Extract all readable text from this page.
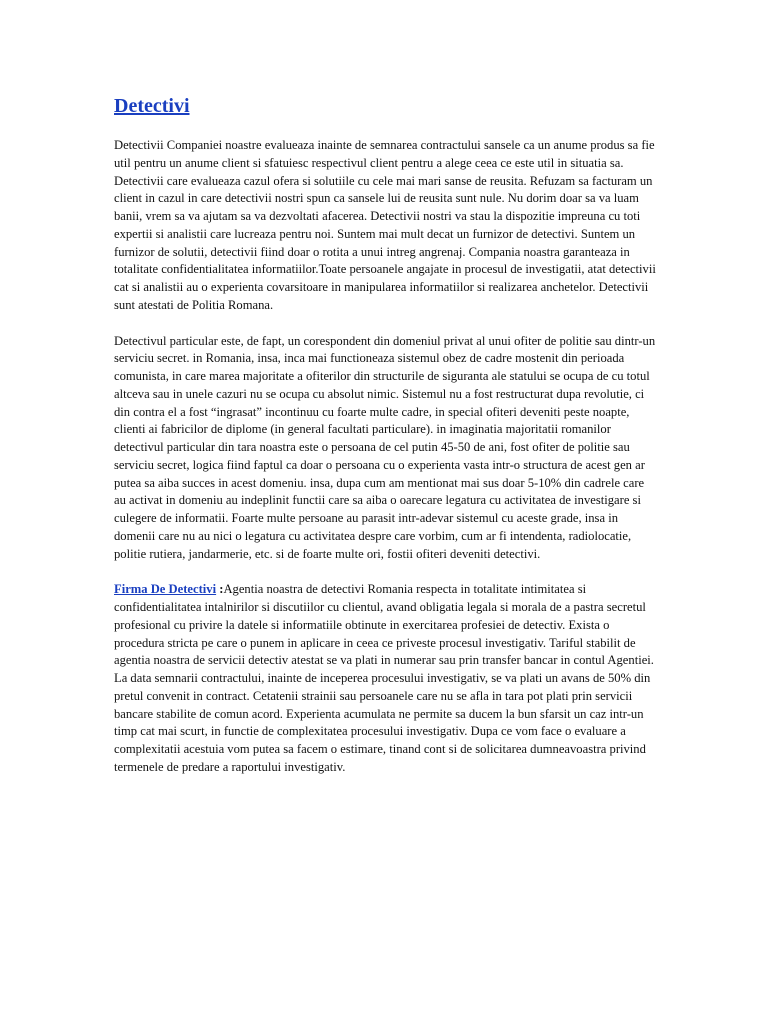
Detectivi

Detectivii Companiei noastre evalueaza inainte de semnarea contractului sansele ca un anume produs sa fie util pentru un anume client si sfatuiesc respectivul client pentru a alege ceea ce este util in situatia sa. Detectivii care evalueaza cazul ofera si solutiile cu cele mai mari sanse de reusita. Refuzam sa facturam un client in cazul in care detectivii nostri spun ca sansele lui de reusita sunt nule. Nu dorim doar sa va luam banii, vrem sa va ajutam sa va dezvoltati afacerea. Detectivii nostri va stau la dispozitie impreuna cu toti expertii si analistii care lucreaza pentru noi. Suntem mai mult decat un furnizor de detectivi. Suntem un furnizor de solutii, detectivii fiind doar o rotita a unui intreg angrenaj. Compania noastra garanteaza in totalitate confidentialitatea informatiilor.Toate persoanele angajate in procesul de investigatii, atat detectivii cat si analistii au o experienta covarsitoare in manipularea informatiilor si realizarea anchetelor. Detectivii sunt atestati de Politia Romana.

Detectivul particular este, de fapt, un corespondent din domeniul privat al unui ofiter de politie sau dintr-un serviciu secret. in Romania, insa, inca mai functioneaza sistemul obez de cadre mostenit din perioada comunista, in care marea majoritate a ofiterilor din structurile de siguranta ale statului se ocupa de cu totul altceva sau in unele cazuri nu se ocupa cu absolut nimic. Sistemul nu a fost restructurat dupa revolutie, ci din contra el a fost “ingrasat” incontinuu cu foarte multe cadre, in special ofiteri deveniti peste noapte, clienti ai fabricilor de diplome (in general facultati particulare). in imaginatia majoritatii romanilor detectivul particular din tara noastra este o persoana de cel putin 45-50 de ani, fost ofiter de politie sau serviciu secret, logica fiind faptul ca doar o persoana cu o experienta vasta intr-o structura de acest gen ar putea sa aiba succes in acest domeniu. insa, dupa cum am mentionat mai sus doar 5-10% din cadrele care au activat in domeniu au indeplinit functii care sa aiba o oarecare legatura cu activitatea de investigare si culegere de informatii. Foarte multe persoane au parasit intr-adevar sistemul cu aceste grade, insa in domenii care nu au nici o legatura cu activitatea despre care vorbim, cum ar fi intendenta, radiolocatie, politie rutiera, jandarmerie, etc. si de foarte multe ori, fostii ofiteri deveniti detectivi.

Firma De Detectivi :Agentia noastra de detectivi Romania respecta in totalitate intimitatea si confidentialitatea intalnirilor si discutiilor cu clientul, avand obligatia legala si morala de a pastra secretul profesional cu privire la datele si informatiile obtinute in exercitarea profesiei de detectiv. Exista o procedura stricta pe care o punem in aplicare in ceea ce priveste procesul investigativ. Tariful stabilit de agentia noastra de servicii detectiv atestat se va plati in numerar sau prin transfer bancar in contul Agentiei. La data semnarii contractului, inainte de inceperea procesului investigativ, se va plati un avans de 50% din pretul convenit in contract. Cetatenii strainii sau persoanele care nu se afla in tara pot plati prin servicii bancare stabilite de comun acord. Experienta acumulata ne permite sa ducem la bun sfarsit un caz intr-un timp cat mai scurt, in functie de complexitatea procesului investigativ. Dupa ce vom face o evaluare a complexitatii acestuia vom putea sa facem o estimare, tinand cont si de solicitarea dumneavoastra privind termenele de predare a raportului investigativ.
